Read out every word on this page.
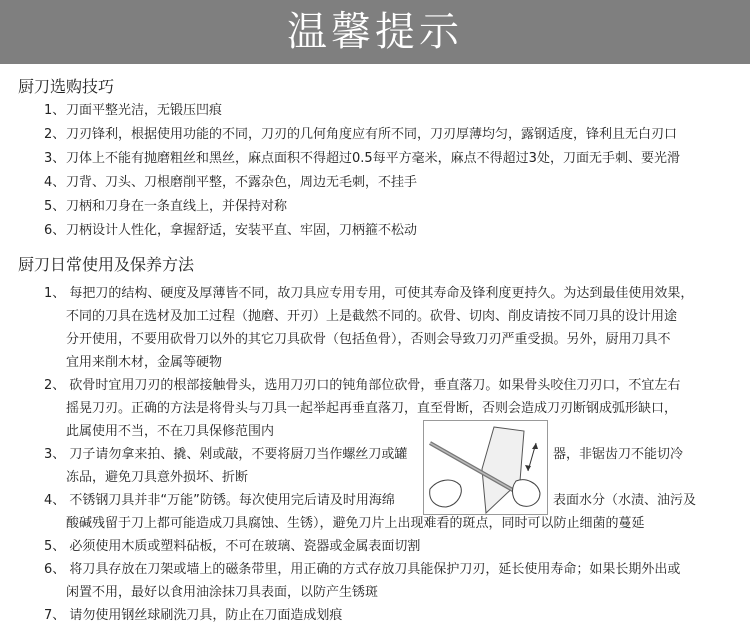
温馨提示
厨刀选购技巧
1、刀面平整光洁，无锻压凹痕
2、刀刃锋利，根据使用功能的不同，刀刃的几何角度应有所不同，刀刃厚薄均匀，露钢适度，锋利且无白刃口
3、刀体上不能有抛磨粗丝和黑丝，麻点面积不得超过0.5每平方毫米，麻点不得超过3处，刀面无手刺、要光滑
4、刀背、刀头、刀根磨削平整，不露杂色，周边无毛刺，不挂手
5、刀柄和刀身在一条直线上，并保持对称
6、刀柄设计人性化，拿握舒适，安装平直、牢固，刀柄箍不松动
厨刀日常使用及保养方法
1、 每把刀的结构、硬度及厚薄皆不同，故刀具应专用专用，可使其寿命及锋利度更持久。为达到最佳使用效果，
不同的刀具在选材及加工过程（抛磨、开刃）上是截然不同的。砍骨、切肉、削皮请按不同刀具的设计用途
分开使用，不要用砍骨刀以外的其它刀具砍骨（包括鱼骨），否则会导致刀刃严重受损。另外，厨用刀具不
宜用来削木材，金属等硬物
2、 砍骨时宜用刀刃的根部接触骨头，选用刀刃口的钝角部位砍骨，垂直落刀。如果骨头咬住刀刃口，不宜左右
摇晃刀刃。正确的方法是将骨头与刀具一起举起再垂直落刀，直至骨断，否则会造成刀刃断钢成弧形缺口，
此属使用不当，不在刀具保修范围内
3、 刀子请勿拿来拍、撬、剁或敲，不要将厨刀当作螺丝刀或罐	器，非锯齿刀不能切冷
冻品，避免刀具意外损坏、折断
4、 不锈钢刀具并非“万能”防锈。每次使用完后请及时用海绵	表面水分（水渍、油污及
酸碱残留于刀上都可能造成刀具腐蚀、生锈），避免刀片上出现难看的斑点，同时可以防止细菌的蔓延
5、 必须使用木质或塑料砧板，不可在玻璃、瓷器或金属表面切割
6、 将刀具存放在刀架或墙上的磁条带里，用正确的方式存放刀具能保护刀刃，延长使用寿命；如果长期外出或
闲置不用，最好以食用油涂抹刀具表面，以防产生锈斑
7、 请勿使用钢丝球刷洗刀具，防止在刀面造成划痕
